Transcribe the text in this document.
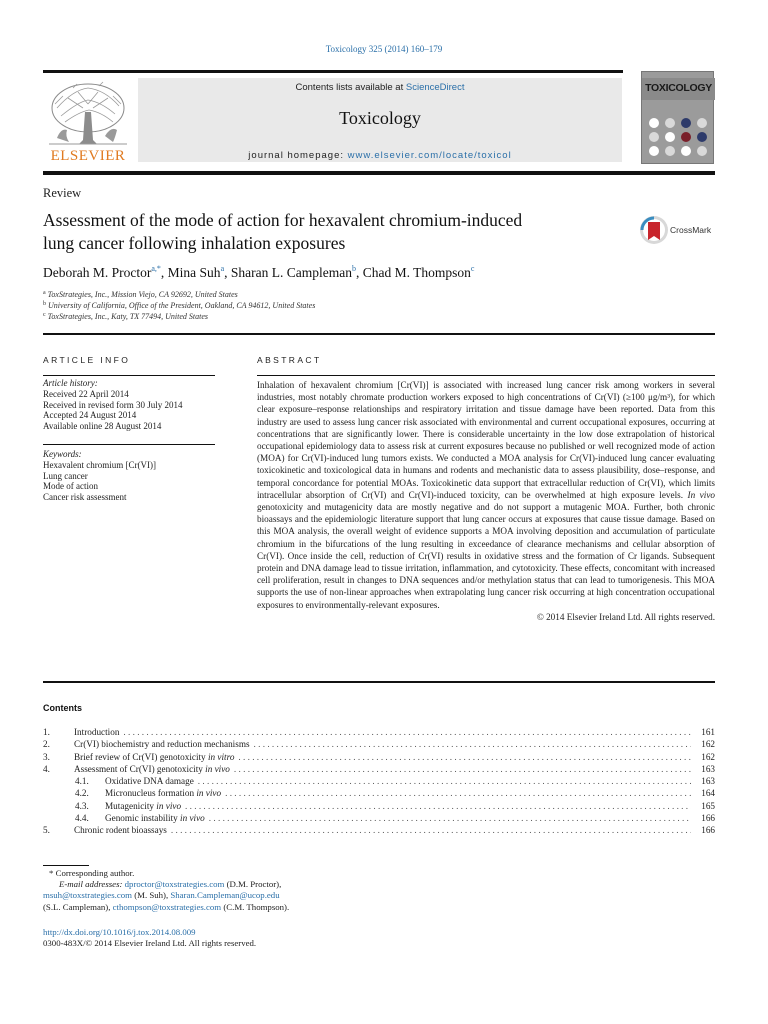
Toxicology 325 (2014) 160–179
ELSEVIER
Contents lists available at ScienceDirect
Toxicology
journal homepage: www.elsevier.com/locate/toxicol
TOXICOLOGY
Review
Assessment of the mode of action for hexavalent chromium-induced
lung cancer following inhalation exposures
CrossMark
Deborah M. Proctor$^{a,*}$, Mina Suh$^a$, Sharan L. Campleman$^b$, Chad M. Thompson$^c$
$^a$ ToxStrategies, Inc., Mission Viejo, CA 92692, United States
$^b$ University of California, Office of the President, Oakland, CA 94612, United States
$^c$ ToxStrategies, Inc., Katy, TX 77494, United States
ARTICLE INFO
Article history:
Received 22 April 2014
Received in revised form 30 July 2014
Accepted 24 August 2014
Available online 28 August 2014
Keywords:
Hexavalent chromium [Cr(VI)]
Lung cancer
Mode of action
Cancer risk assessment
ABSTRACT
Inhalation of hexavalent chromium [Cr(VI)] is associated with increased lung cancer risk among workers in several industries, most notably chromate production workers exposed to high concentrations of Cr(VI) (≥100 μg/m³), for which clear exposure–response relationships and respiratory irritation and tissue damage have been reported. Data from this industry are used to assess lung cancer risk associated with environmental and current occupational exposures, occurring at concentrations that are significantly lower. There is considerable uncertainty in the low dose extrapolation of historical occupational epidemiology data to assess risk at current exposures because no published or well recognized mode of action (MOA) for Cr(VI)-induced lung tumors exists. We conducted a MOA analysis for Cr(VI)-induced lung cancer evaluating toxicokinetic and toxicological data in humans and rodents and mechanistic data to assess plausibility, dose–response, and temporal concordance for potential MOAs. Toxicokinetic data support that extracellular reduction of Cr(VI), which limits intracellular absorption of Cr(VI) and Cr(VI)-induced toxicity, can be overwhelmed at high exposure levels. In vivo genotoxicity and mutagenicity data are mostly negative and do not support a mutagenic MOA. Further, both chronic bioassays and the epidemiologic literature support that lung cancer occurs at exposures that cause tissue damage. Based on this MOA analysis, the overall weight of evidence supports a MOA involving deposition and accumulation of particulate chromium in the bifurcations of the lung resulting in exceedance of clearance mechanisms and cellular absorption of Cr(VI). Once inside the cell, reduction of Cr(VI) results in oxidative stress and the formation of Cr ligands. Subsequent protein and DNA damage lead to tissue irritation, inflammation, and cytotoxicity. These effects, concomitant with increased cell proliferation, result in changes to DNA sequences and/or methylation status that can lead to tumorigenesis. This MOA supports the use of non-linear approaches when extrapolating lung cancer risk occurring at high concentration occupational exposures to environmentally-relevant exposures.
© 2014 Elsevier Ireland Ltd. All rights reserved.
Contents
1.	Introduction . . .	161
2.	Cr(VI) biochemistry and reduction mechanisms . . .	162
3.	Brief review of Cr(VI) genotoxicity in vitro . . .	162
4.	Assessment of Cr(VI) genotoxicity in vivo . . .	163
4.1.	Oxidative DNA damage . . .	163
4.2.	Micronucleus formation in vivo . . .	164
4.3.	Mutagenicity in vivo . . .	165
4.4.	Genomic instability in vivo . . .	166
5.	Chronic rodent bioassays . . .	166
* Corresponding author.
E-mail addresses: dproctor@toxstrategies.com (D.M. Proctor),
msuh@toxstrategies.com (M. Suh), Sharan.Campleman@ucop.edu
(S.L. Campleman), cthompson@toxstrategies.com (C.M. Thompson).
http://dx.doi.org/10.1016/j.tox.2014.08.009
0300-483X/© 2014 Elsevier Ireland Ltd. All rights reserved.
